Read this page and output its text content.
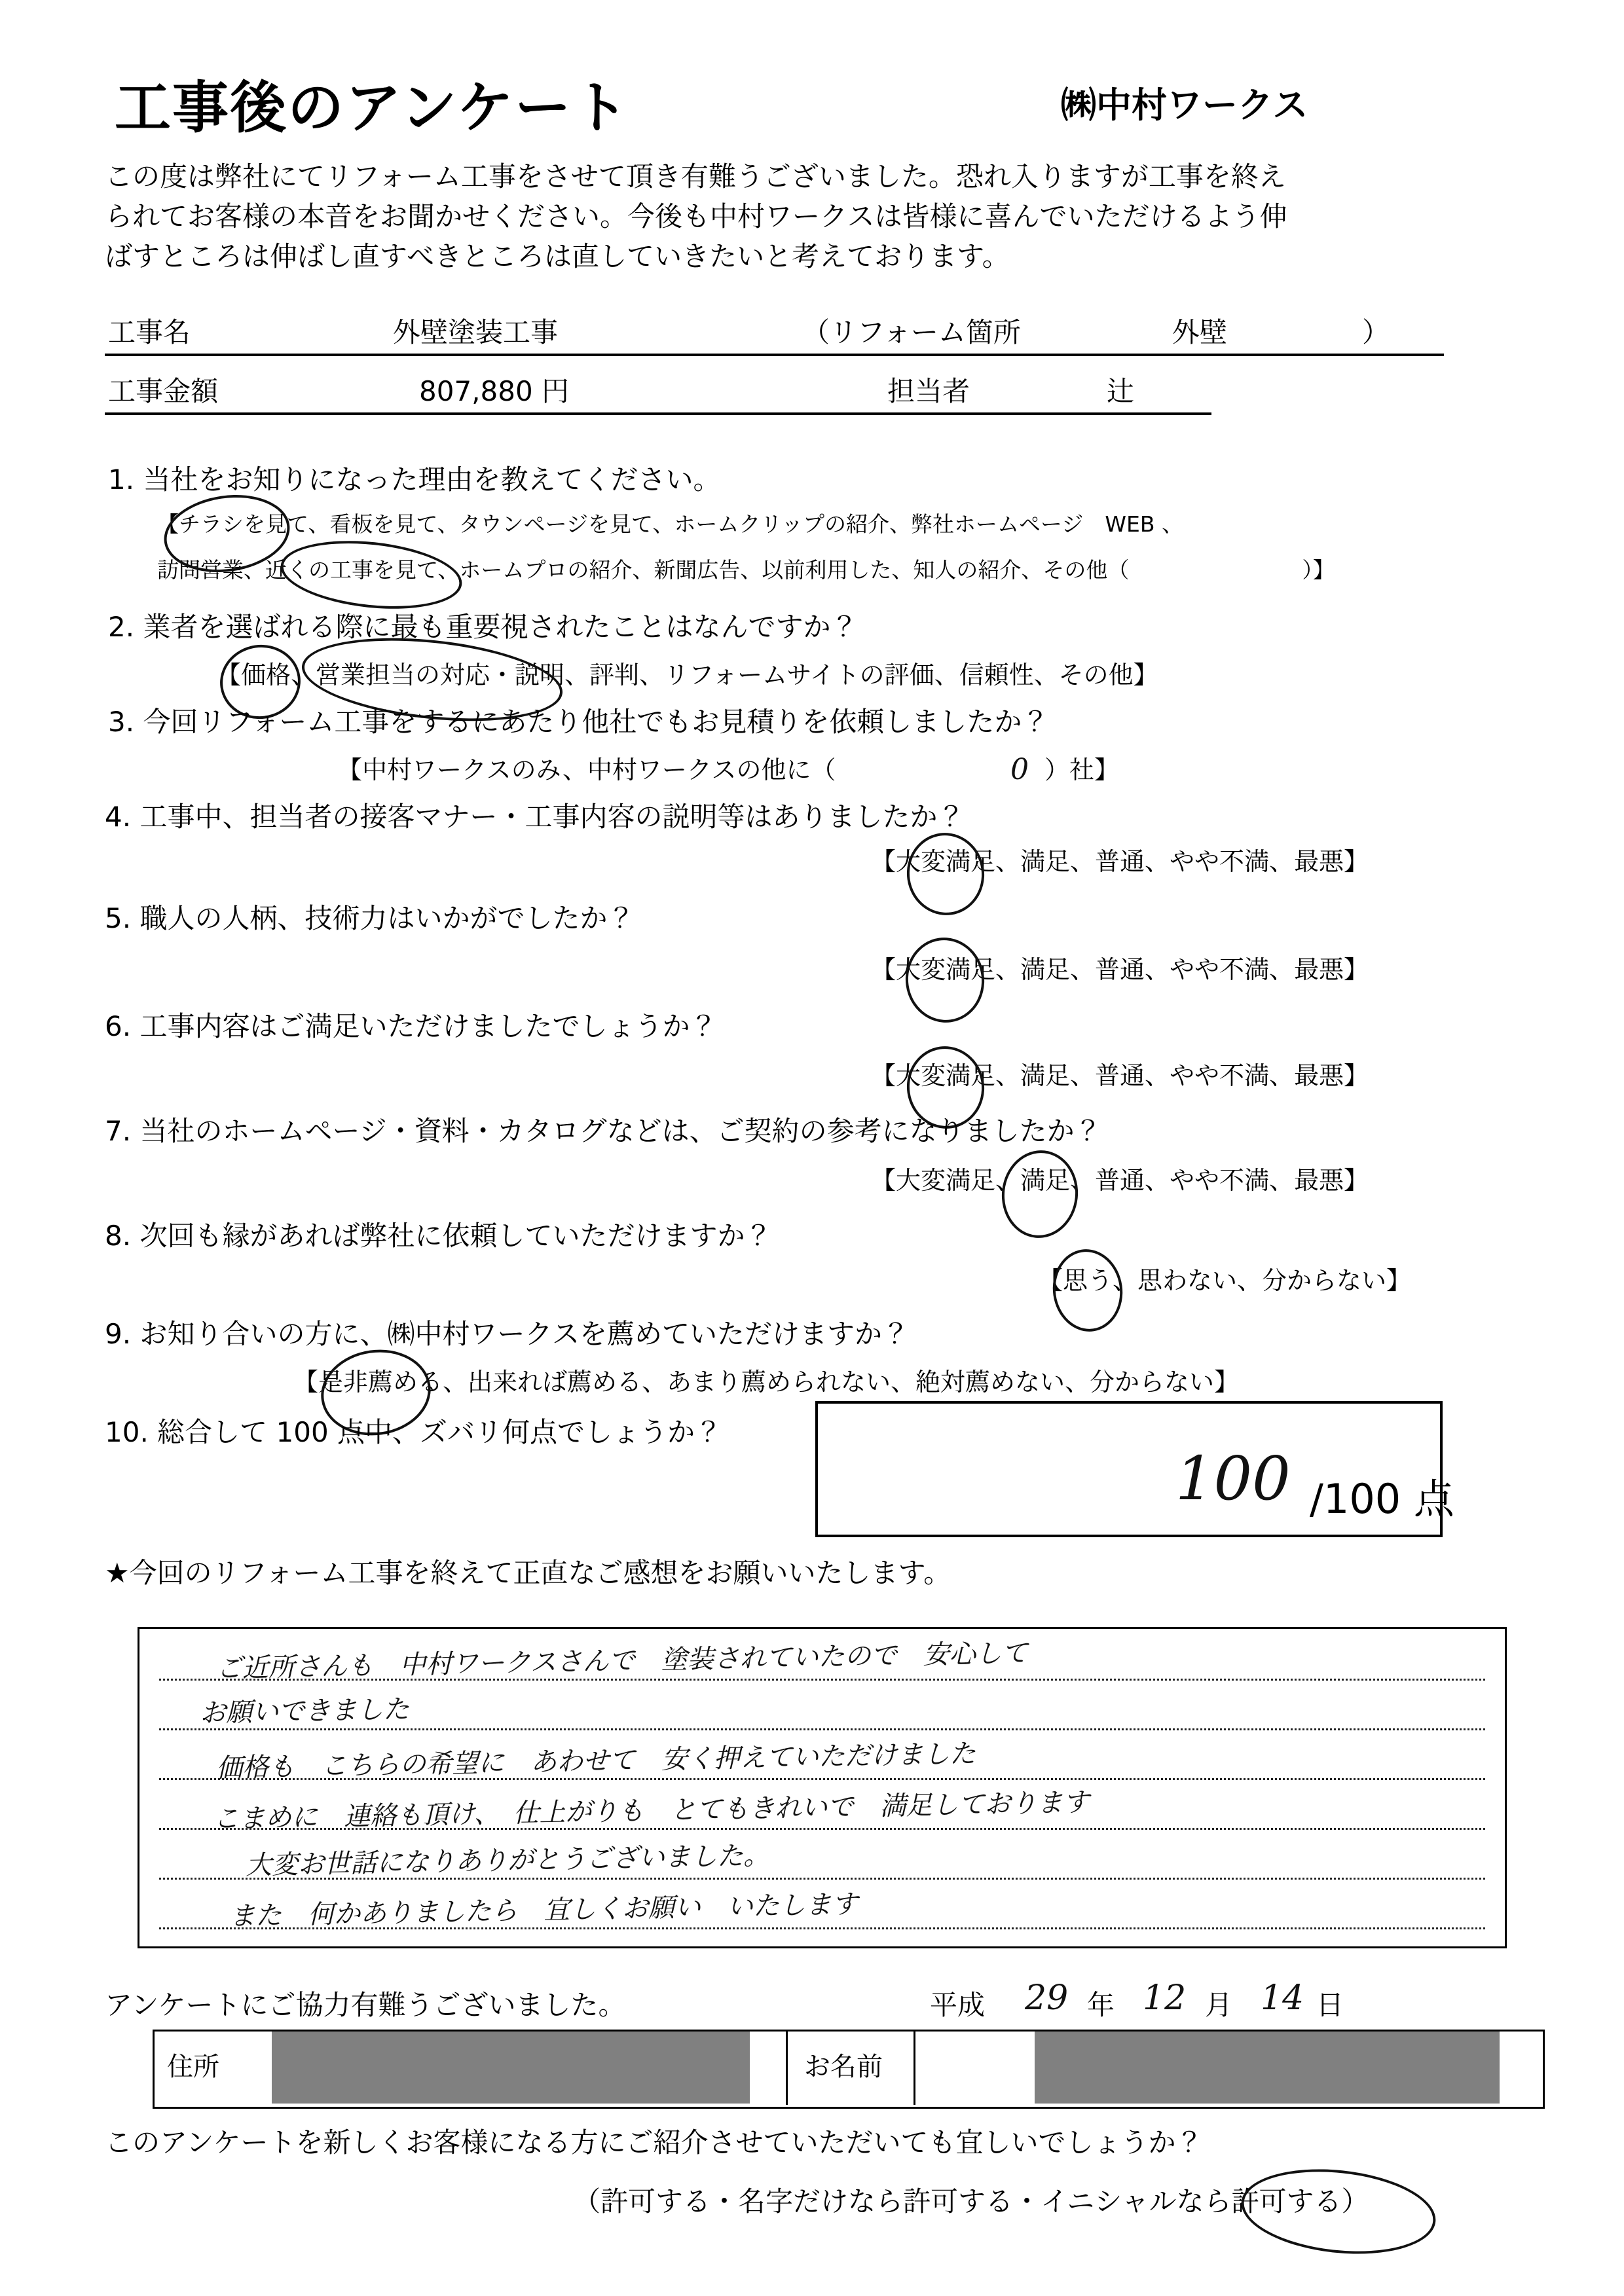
工事後のアンケート	㈱中村ワークス
この度は弊社にてリフォーム工事をさせて頂き有難うございました。恐れ入りますが工事を終え
られてお客様の本音をお聞かせください。今後も中村ワークスは皆様に喜んでいただけるよう伸
ばすところは伸ばし直すべきところは直していきたいと考えております。
工事名	外壁塗装工事	（リフォーム箇所	外壁	）
工事金額	807,880 円	担当者	辻
1. 当社をお知りになった理由を教えてください。
【チラシを見て、看板を見て、タウンページを見て、ホームクリップの紹介、弊社ホームページ　WEB 、
訪問営業、近くの工事を見て、ホームプロの紹介、新聞広告、以前利用した、知人の紹介、その他（　　　　　　　　）】
2. 業者を選ばれる際に最も重要視されたことはなんですか？
【価格、営業担当の対応・説明、評判、リフォームサイトの評価、信頼性、その他】
3. 今回リフォーム工事をするにあたり他社でもお見積りを依頼しましたか？
【中村ワークスのみ、中村ワークスの他に（	0 ）社】
4. 工事中、担当者の接客マナー・工事内容の説明等はありましたか？
【大変満足、満足、普通、やや不満、最悪】
5. 職人の人柄、技術力はいかがでしたか？
【大変満足、満足、普通、やや不満、最悪】
6. 工事内容はご満足いただけましたでしょうか？
【大変満足、満足、普通、やや不満、最悪】
7. 当社のホームページ・資料・カタログなどは、ご契約の参考になりましたか？
【大変満足、満足、普通、やや不満、最悪】
8. 次回も縁があれば弊社に依頼していただけますか？
【思う、思わない、分からない】
9. お知り合いの方に、㈱中村ワークスを薦めていただけますか？
【是非薦める、出来れば薦める、あまり薦められない、絶対薦めない、分からない】
10. 総合して 100 点中、ズバリ何点でしょうか？
100 /100 点
★今回のリフォーム工事を終えて正直なご感想をお願いいたします。
ご近所さんも　中村ワークスさんで　塗装されていたので　安心して
お願いできました
価格も　こちらの希望に　あわせて　安く押えていただけました
こまめに　連絡も頂け、　仕上がりも　とてもきれいで　満足しております
大変お世話になりありがとうございました。
また　何かありましたら　宜しくお願い　いたします
アンケートにご協力有難うございました。	平成 29 年 12 月 14 日
住所	お名前
このアンケートを新しくお客様になる方にご紹介させていただいても宜しいでしょうか？
（許可する・名字だけなら許可する・イニシャルなら許可する）
